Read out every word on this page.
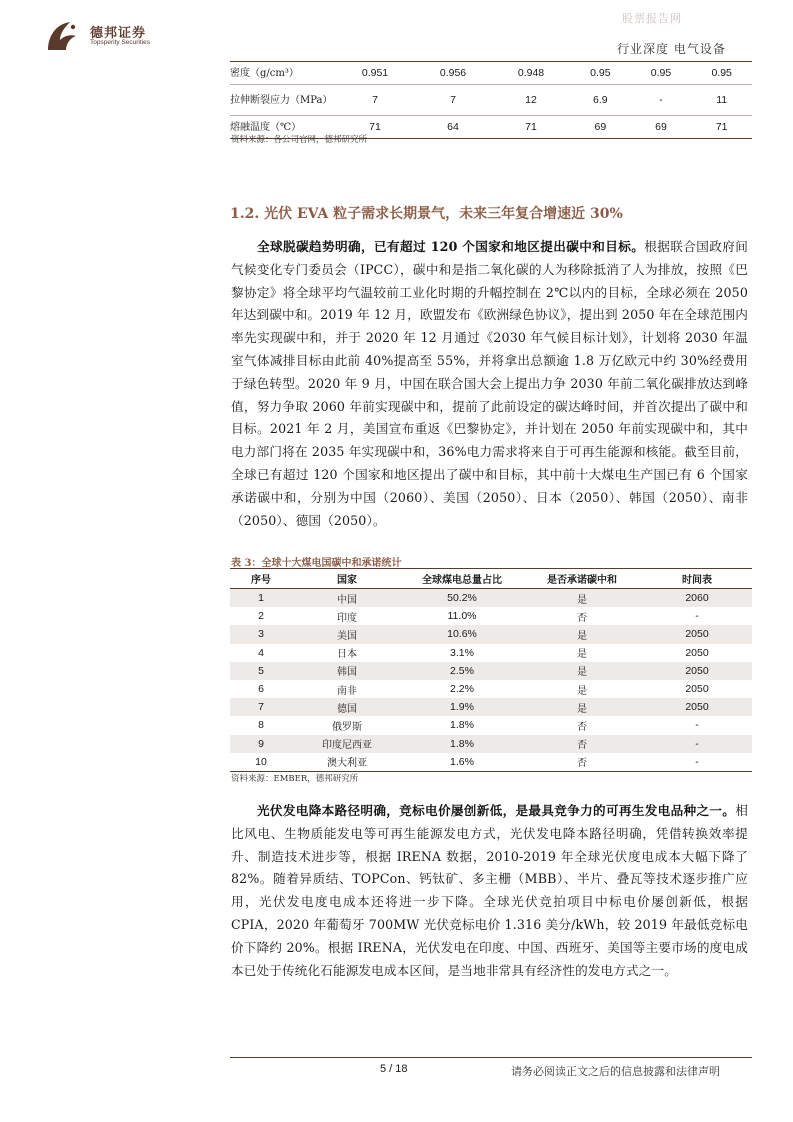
德邦证券
Topsperity Securities
股票报告网
行业深度 电气设备
密度（g/cm³）	0.951	0.956	0.948	0.95	0.95	0.95
拉伸断裂应力（MPa）	7	7	12	6.9	-	11
熔融温度（℃）	71	64	71	69	69	71
资料来源：各公司官网，德邦研究所
1.2. 光伏 EVA 粒子需求长期景气，未来三年复合增速近 30%
全球脱碳趋势明确，已有超过 120 个国家和地区提出碳中和目标。根据联合国政府间气候变化专门委员会（IPCC），碳中和是指二氧化碳的人为移除抵消了人为排放，按照《巴黎协定》将全球平均气温较前工业化时期的升幅控制在 2℃以内的目标，全球必须在 2050 年达到碳中和。2019 年 12 月，欧盟发布《欧洲绿色协议》，提出到 2050 年在全球范围内率先实现碳中和，并于 2020 年 12 月通过《2030 年气候目标计划》，计划将 2030 年温室气体减排目标由此前 40%提高至 55%，并将拿出总额逾 1.8 万亿欧元中约 30%经费用于绿色转型。2020 年 9 月，中国在联合国大会上提出力争 2030 年前二氧化碳排放达到峰值，努力争取 2060 年前实现碳中和，提前了此前设定的碳达峰时间，并首次提出了碳中和目标。2021 年 2 月，美国宣布重返《巴黎协定》，并计划在 2050 年前实现碳中和，其中电力部门将在 2035 年实现碳中和，36%电力需求将来自于可再生能源和核能。截至目前，全球已有超过 120 个国家和地区提出了碳中和目标，其中前十大煤电生产国已有 6 个国家承诺碳中和，分别为中国（2060）、美国（2050）、日本（2050）、韩国（2050）、南非（2050）、德国（2050）。
表 3：全球十大煤电国碳中和承诺统计
序号	国家	全球煤电总量占比	是否承诺碳中和	时间表
1	中国	50.2%	是	2060
2	印度	11.0%	否	-
3	美国	10.6%	是	2050
4	日本	3.1%	是	2050
5	韩国	2.5%	是	2050
6	南非	2.2%	是	2050
7	德国	1.9%	是	2050
8	俄罗斯	1.8%	否	-
9	印度尼西亚	1.8%	否	-
10	澳大利亚	1.6%	否	-
资料来源：EMBER，德邦研究所
光伏发电降本路径明确，竞标电价屡创新低，是最具竞争力的可再生发电品种之一。相比风电、生物质能发电等可再生能源发电方式，光伏发电降本路径明确，凭借转换效率提升、制造技术进步等，根据 IRENA 数据，2010-2019 年全球光伏度电成本大幅下降了 82%。随着异质结、TOPCon、钙钛矿、多主栅（MBB）、半片、叠瓦等技术逐步推广应用，光伏发电度电成本还将进一步下降。全球光伏竞拍项目中标电价屡创新低，根据 CPIA，2020 年葡萄牙 700MW 光伏竞标电价 1.316 美分/kWh，较 2019 年最低竞标电价下降约 20%。根据 IRENA，光伏发电在印度、中国、西班牙、美国等主要市场的度电成本已处于传统化石能源发电成本区间，是当地非常具有经济性的发电方式之一。
5 / 18	请务必阅读正文之后的信息披露和法律声明
